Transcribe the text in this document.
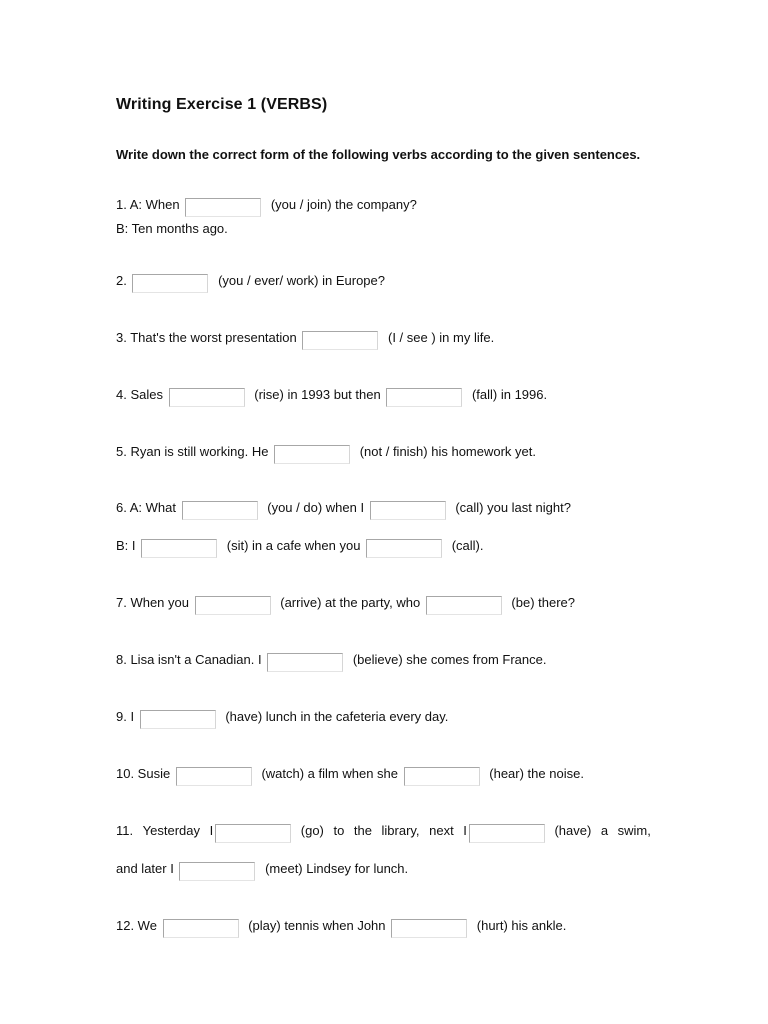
Writing Exercise 1 (VERBS)
Write down the correct form of the following verbs according to the given sentences.
1. A: When	(you / join) the company?
B: Ten months ago.
2.	(you / ever/ work) in Europe?
3. That's the worst presentation	(I / see ) in my life.
4. Sales	(rise) in 1993 but then	(fall) in 1996.
5. Ryan is still working. He	(not / finish) his homework yet.
6. A: What	(you / do) when I	(call) you last night?
B: I	(sit) in a cafe when you	(call).
7. When you	(arrive) at the party, who	(be) there?
8. Lisa isn't a Canadian. I	(believe) she comes from France.
9. I	(have) lunch in the cafeteria every day.
10. Susie	(watch) a film when she	(hear) the noise.
11. Yesterday I	(go) to the library, next I	(have) a swim,
and later I	(meet) Lindsey for lunch.
12. We	(play) tennis when John	(hurt) his ankle.
